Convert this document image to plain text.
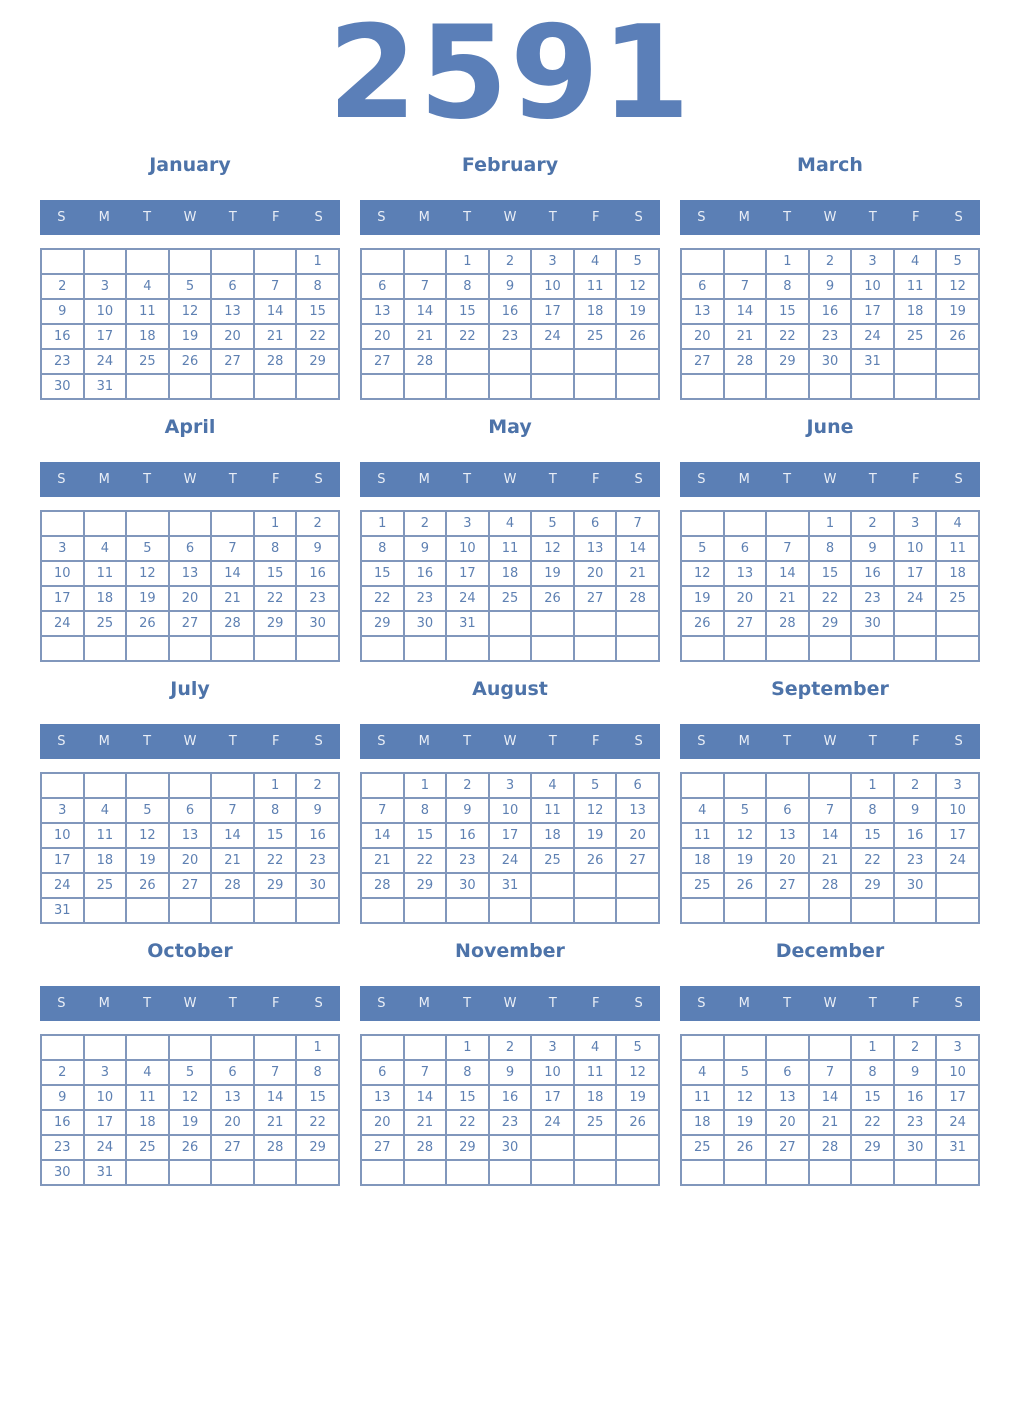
2591
January
S	M	T	W	T	F	S
						1
2	3	4	5	6	7	8
9	10	11	12	13	14	15
16	17	18	19	20	21	22
23	24	25	26	27	28	29
30	31					
February
S	M	T	W	T	F	S
		1	2	3	4	5
6	7	8	9	10	11	12
13	14	15	16	17	18	19
20	21	22	23	24	25	26
27	28					

March
S	M	T	W	T	F	S
		1	2	3	4	5
6	7	8	9	10	11	12
13	14	15	16	17	18	19
20	21	22	23	24	25	26
27	28	29	30	31		

April
S	M	T	W	T	F	S
					1	2
3	4	5	6	7	8	9
10	11	12	13	14	15	16
17	18	19	20	21	22	23
24	25	26	27	28	29	30

May
S	M	T	W	T	F	S
1	2	3	4	5	6	7
8	9	10	11	12	13	14
15	16	17	18	19	20	21
22	23	24	25	26	27	28
29	30	31				

June
S	M	T	W	T	F	S
			1	2	3	4
5	6	7	8	9	10	11
12	13	14	15	16	17	18
19	20	21	22	23	24	25
26	27	28	29	30		

July
S	M	T	W	T	F	S
					1	2
3	4	5	6	7	8	9
10	11	12	13	14	15	16
17	18	19	20	21	22	23
24	25	26	27	28	29	30
31						
August
S	M	T	W	T	F	S
	1	2	3	4	5	6
7	8	9	10	11	12	13
14	15	16	17	18	19	20
21	22	23	24	25	26	27
28	29	30	31			

September
S	M	T	W	T	F	S
				1	2	3
4	5	6	7	8	9	10
11	12	13	14	15	16	17
18	19	20	21	22	23	24
25	26	27	28	29	30	

October
S	M	T	W	T	F	S
						1
2	3	4	5	6	7	8
9	10	11	12	13	14	15
16	17	18	19	20	21	22
23	24	25	26	27	28	29
30	31					
November
S	M	T	W	T	F	S
		1	2	3	4	5
6	7	8	9	10	11	12
13	14	15	16	17	18	19
20	21	22	23	24	25	26
27	28	29	30			

December
S	M	T	W	T	F	S
				1	2	3
4	5	6	7	8	9	10
11	12	13	14	15	16	17
18	19	20	21	22	23	24
25	26	27	28	29	30	31
